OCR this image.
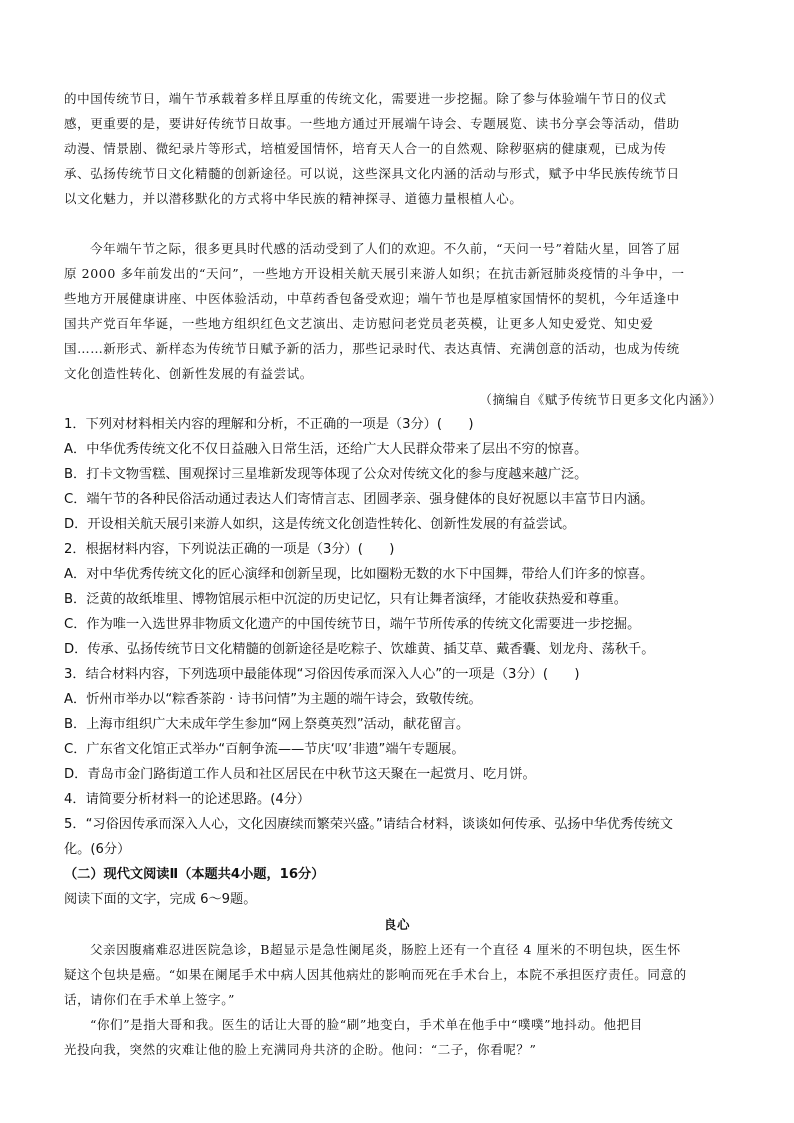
的中国传统节日，端午节承载着多样且厚重的传统文化，需要进一步挖掘。除了参与体验端午节日的仪式
感，更重要的是，要讲好传统节日故事。一些地方通过开展端午诗会、专题展览、读书分享会等活动，借助
动漫、情景剧、微纪录片等形式，培植爱国情怀，培育天人合一的自然观、除秽驱病的健康观，已成为传
承、弘扬传统节日文化精髓的创新途径。可以说，这些深具文化内涵的活动与形式，赋予中华民族传统节日
以文化魅力，并以潜移默化的方式将中华民族的精神探寻、道德力量根植人心。
今年端午节之际，很多更具时代感的活动受到了人们的欢迎。不久前，“天问一号”着陆火星，回答了屈
原 2000 多年前发出的“天问”，一些地方开设相关航天展引来游人如织；在抗击新冠肺炎疫情的斗争中，一
些地方开展健康讲座、中医体验活动，中草药香包备受欢迎；端午节也是厚植家国情怀的契机，今年适逢中
国共产党百年华诞，一些地方组织红色文艺演出、走访慰问老党员老英模，让更多人知史爱党、知史爱
国……新形式、新样态为传统节日赋予新的活力，那些记录时代、表达真情、充满创意的活动，也成为传统
文化创造性转化、创新性发展的有益尝试。
（摘编自《赋予传统节日更多文化内涵》）
1．下列对材料相关内容的理解和分析，不正确的一项是（3分）(　　)
A．中华优秀传统文化不仅日益融入日常生活，还给广大人民群众带来了层出不穷的惊喜。
B．打卡文物雪糕、围观探讨三星堆新发现等体现了公众对传统文化的参与度越来越广泛。
C．端午节的各种民俗活动通过表达人们寄情言志、团圆孝亲、强身健体的良好祝愿以丰富节日内涵。
D．开设相关航天展引来游人如织，这是传统文化创造性转化、创新性发展的有益尝试。
2．根据材料内容，下列说法正确的一项是（3分）(　　)
A．对中华优秀传统文化的匠心演绎和创新呈现，比如圈粉无数的水下中国舞，带给人们许多的惊喜。
B．泛黄的故纸堆里、博物馆展示柜中沉淀的历史记忆，只有让舞者演绎，才能收获热爱和尊重。
C．作为唯一入选世界非物质文化遗产的中国传统节日，端午节所传承的传统文化需要进一步挖掘。
D．传承、弘扬传统节日文化精髓的创新途径是吃粽子、饮雄黄、插艾草、戴香囊、划龙舟、荡秋千。
3．结合材料内容，下列选项中最能体现“习俗因传承而深入人心”的一项是（3分）(　　)
A．忻州市举办以“粽香茶韵 · 诗书问情”为主题的端午诗会，致敬传统。
B．上海市组织广大未成年学生参加“网上祭奠英烈”活动，献花留言。
C．广东省文化馆正式举办“百舸争流——节庆‘叹’非遗”端午专题展。
D．青岛市金门路街道工作人员和社区居民在中秋节这天聚在一起赏月、吃月饼。
4．请简要分析材料一的论述思路。(4分）
5．“习俗因传承而深入人心，文化因赓续而繁荣兴盛。”请结合材料，谈谈如何传承、弘扬中华优秀传统文
化。(6分）
（二）现代文阅读Ⅱ（本题共4小题，16分）
阅读下面的文字，完成 6～9题。
良心
父亲因腹痛难忍进医院急诊，B超显示是急性阑尾炎，肠腔上还有一个直径 4 厘米的不明包块，医生怀
疑这个包块是癌。“如果在阑尾手术中病人因其他病灶的影响而死在手术台上，本院不承担医疗责任。同意的
话，请你们在手术单上签字。”
“你们”是指大哥和我。医生的话让大哥的脸“刷”地变白，手术单在他手中“噗噗”地抖动。他把目
光投向我，突然的灾难让他的脸上充满同舟共济的企盼。他问：“二子，你看呢？”
